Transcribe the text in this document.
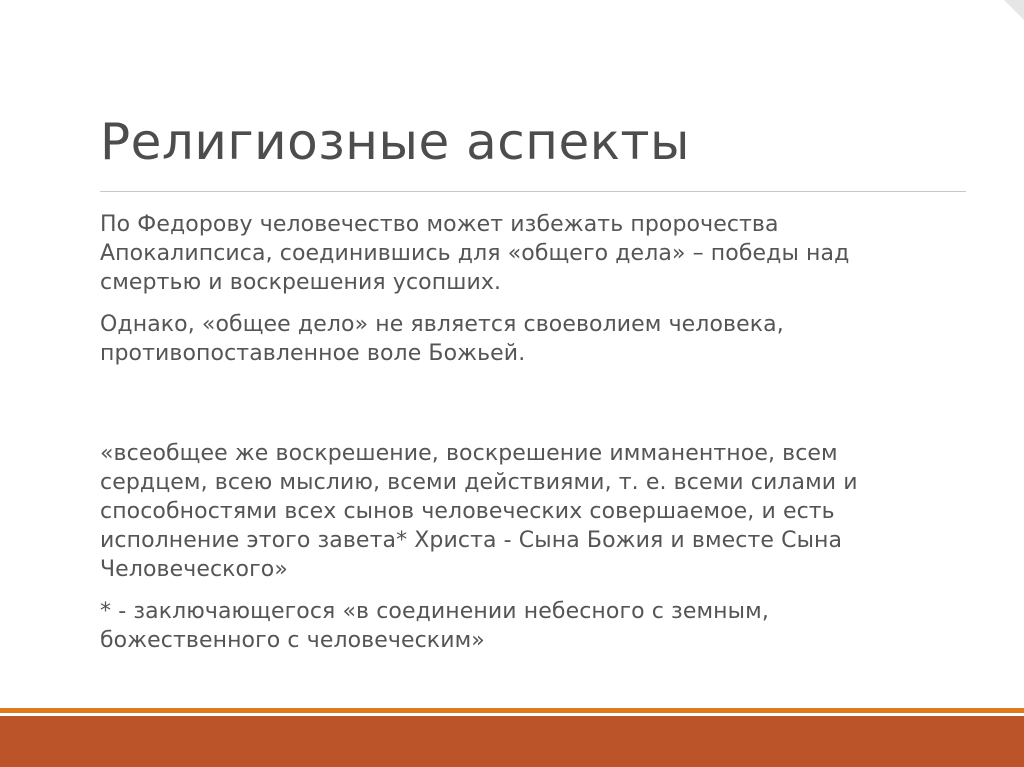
Религиозные аспекты

По Федорову человечество может избежать пророчества Апокалипсиса, соединившись для «общего дела» – победы над смертью и воскрешения усопших.

Однако, «общее дело» не является своеволием человека, противопоставленное воле Божьей.

«всеобщее же воскрешение, воскрешение имманентное, всем сердцем, всею мыслию, всеми действиями, т. е. всеми силами и способностями всех сынов человеческих совершаемое, и есть исполнение этого завета* Христа - Сына Божия и вместе Сына Человеческого»

* - заключающегося «в соединении небесного с земным, божественного с человеческим»
